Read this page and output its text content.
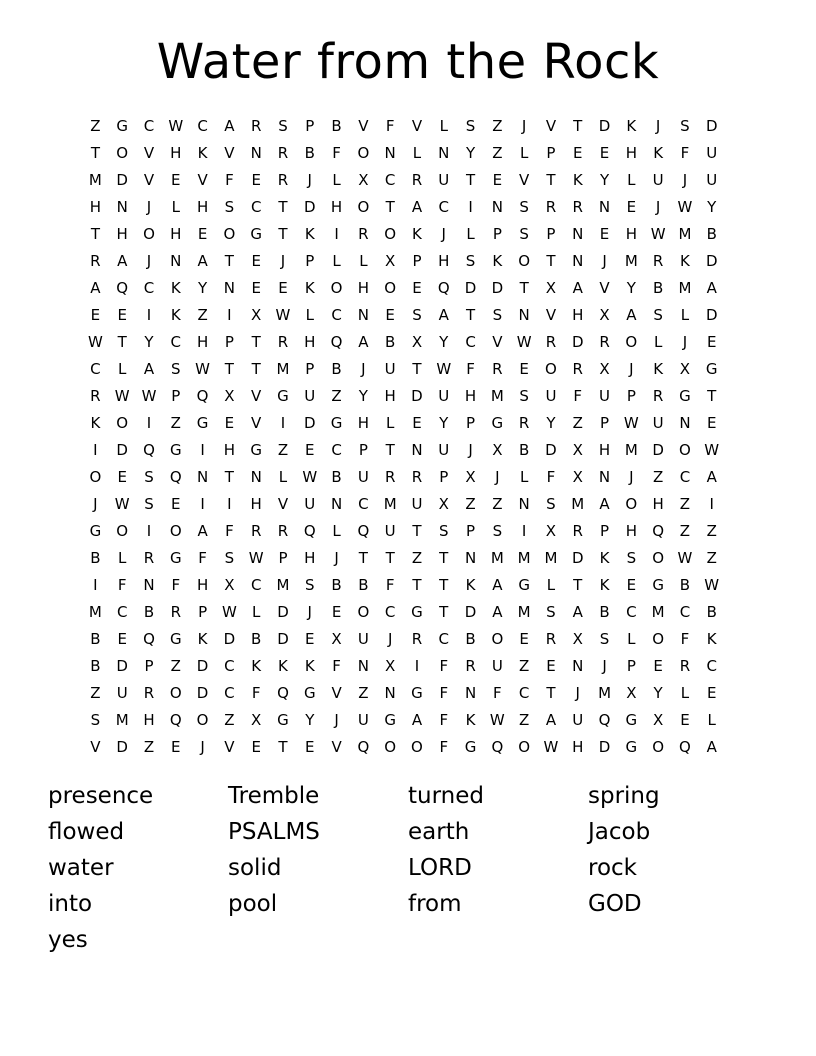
Water from the Rock
Z	G	C W C	A	R	S	P	B	V	F	V	L	S	Z	J	V	T	D	K	J	S	D
T	O	V	H	K	V	N	R	B	F	O	N	L	N	Y	Z	L	P	E	E	H	K	F	U
M D	V	E	V	F	E	R	J	L	X	C	R	U	T	E	V	T	K	Y	L	U	J	U
H	N	J	L	H	S	C	T	D	H	O	T	A	C	I	N	S	R	R	N	E	J	W Y
T	H	O	H	E	O	G	T	K	I	R	O	K	J	L	P	S	P	N	E	H W M	B
R	A	J	N	A	T	E	J	P	L	L	X	P	H	S	K	O	T	N	J	M	R	K	D
A	Q	C	K	Y	N	E	E	K	O	H	O	E	Q	D	D	T	X	A	V	Y	B	M	A
E	E	I	K	Z	I	X W	L	C	N	E	S	A	T	S	N	V	H	X	A	S	L	D
W T	Y	C	H	P	T	R	H	Q	A	B	X	Y	C	V W R	D	R	O	L	J	E
C	L	A	S W T	T	M	P	B	J	U	T W	F	R	E	O	R	X	J	K	X	G
R W W P	Q	X	V	G	U	Z	Y	H	D	U	H M	S	U	F	U	P	R	G	T
K	O	I	Z	G	E	V	I	D	G	H	L	E	Y	P	G	R	Y	Z	P W U	N	E
I	D	Q	G	I	H	G	Z	E	C	P	T	N	U	J	X	B	D	X	H M D	O W
O	E	S	Q	N	T	N	L	W B	U	R	R	P	X	J	L	F	X	N	J	Z	C	A
J	W S	E	I	I	H	V	U	N	C	M U	X	Z	Z	N	S	M	A	O	H	Z	I
G	O	I	O	A	F	R	R	Q	L	Q	U	T	S	P	S	I	X	R	P	H	Q	Z	Z
B	L	R	G	F	S W P	H	J	T	T	Z	T	N M M M D	K	S	O W Z
I	F	N	F	H	X	C	M	S	B	B	F	T	T	K	A	G	L	T	K	E	G	B W
M	C	B	R	P W	L	D	J	E	O	C	G	T	D	A	M	S	A	B	C	M	C	B
B	E	Q	G	K	D	B	D	E	X	U	J	R	C	B	O	E	R	X	S	L	O	F	K
B	D	P	Z	D	C	K	K	K	F	N	X	I	F	R	U	Z	E	N	J	P	E	R	C
Z	U	R	O	D	C	F	Q	G	V	Z	N	G	F	N	F	C	T	J	M	X	Y	L	E
S	M H	Q O	Z	X	G	Y	J	U	G	A	F	K W Z	A	U	Q	G	X	E	L
V	D	Z	E	J	V	E	T	E	V	Q O O	F	G	Q O W H	D	G	O Q	A
presence	Tremble	turned	spring
flowed	PSALMS	earth	Jacob
water	solid	LORD	rock
into	pool	from	GOD
yes
